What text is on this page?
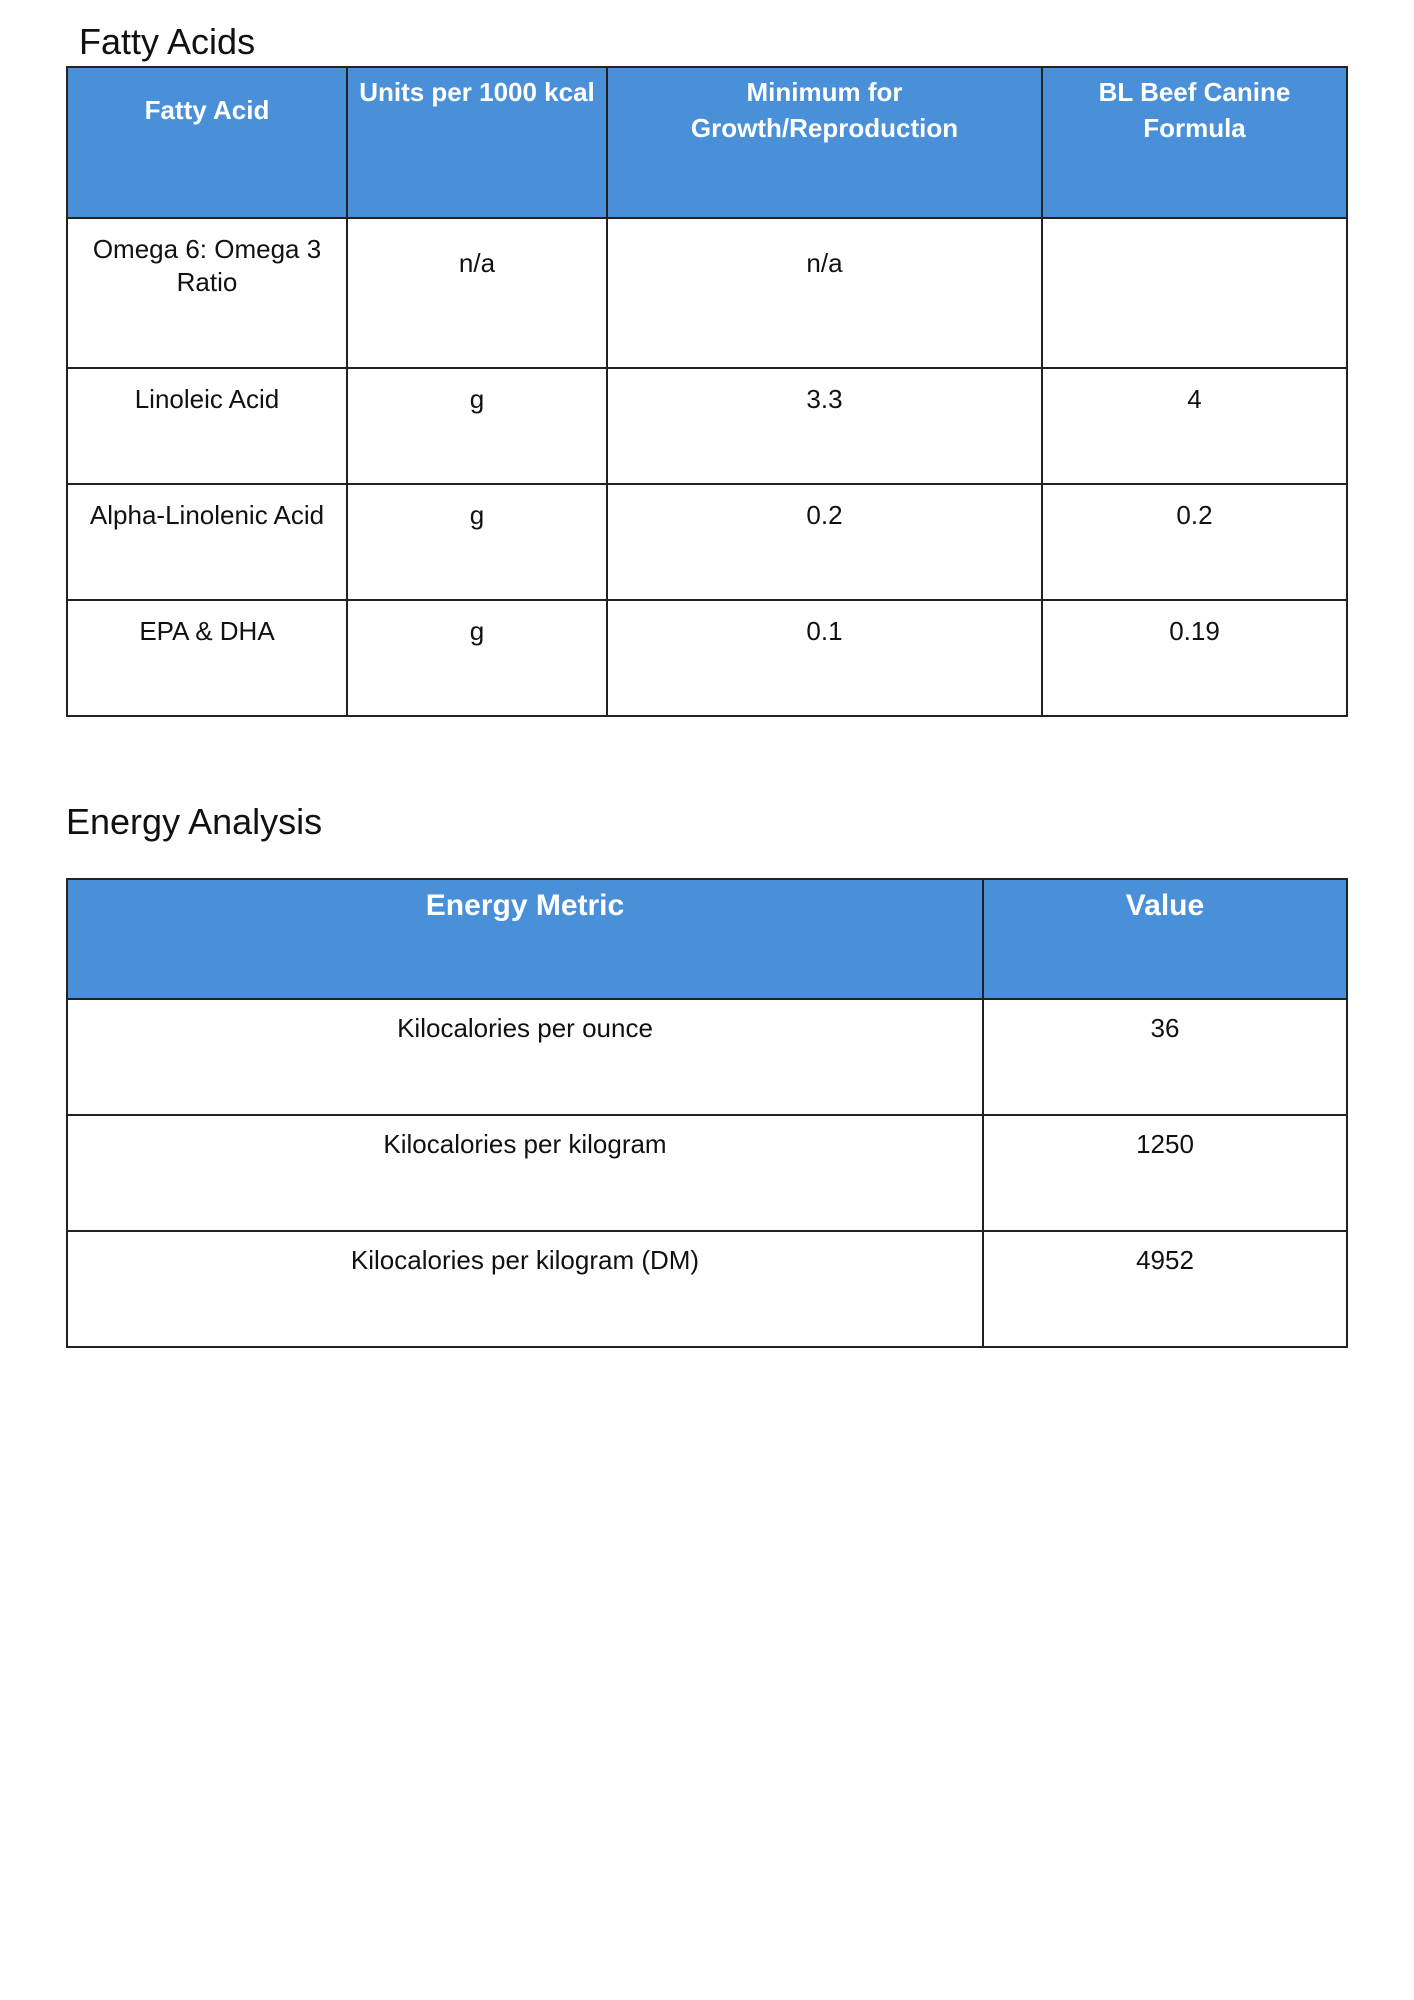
Fatty Acids
Fatty Acid	Units per 1000 kcal	Minimum for Growth/Reproduction	BL Beef Canine Formula
Omega 6: Omega 3 Ratio	n/a	n/a	
Linoleic Acid	g	3.3	4
Alpha-Linolenic Acid	g	0.2	0.2
EPA & DHA	g	0.1	0.19
Energy Analysis
Energy Metric	Value
Kilocalories per ounce	36
Kilocalories per kilogram	1250
Kilocalories per kilogram (DM)	4952
